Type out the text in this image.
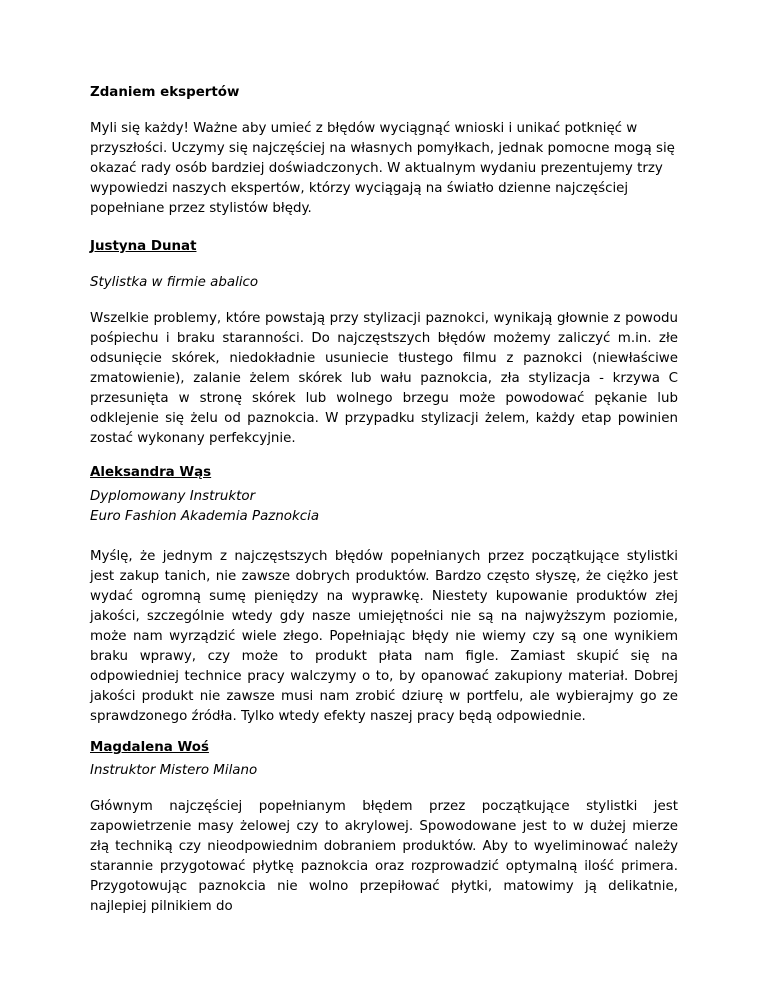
Zdaniem ekspertów

Myli się każdy! Ważne aby umieć z błędów wyciągnąć wnioski i unikać potknięć w przyszłości. Uczymy się najczęściej na własnych pomyłkach, jednak pomocne mogą się okazać rady osób bardziej doświadczonych. W aktualnym wydaniu prezentujemy trzy wypowiedzi naszych ekspertów, którzy wyciągają na światło dzienne najczęściej popełniane przez stylistów błędy.

Justyna Dunat

Stylistka w firmie abalico

Wszelkie problemy, które powstają przy stylizacji paznokci, wynikają głownie z powodu pośpiechu i braku staranności. Do najczęstszych błędów możemy zaliczyć m.in. złe odsunięcie skórek, niedokładnie usuniecie tłustego filmu z paznokci (niewłaściwe zmatowienie), zalanie żelem skórek lub wału paznokcia, zła stylizacja - krzywa C przesunięta w stronę skórek lub wolnego brzegu może powodować pękanie lub odklejenie się żelu od paznokcia. W przypadku stylizacji żelem, każdy etap powinien zostać wykonany perfekcyjnie.

Aleksandra Wąs

Dyplomowany Instruktor
Euro Fashion Akademia Paznokcia

Myślę, że jednym z najczęstszych błędów popełnianych przez początkujące stylistki jest zakup tanich, nie zawsze dobrych produktów. Bardzo często słyszę, że ciężko jest wydać ogromną sumę pieniędzy na wyprawkę. Niestety kupowanie produktów złej jakości, szczególnie wtedy gdy nasze umiejętności nie są na najwyższym poziomie, może nam wyrządzić wiele złego. Popełniając błędy nie wiemy czy są one wynikiem braku wprawy, czy może to produkt płata nam figle. Zamiast skupić się na odpowiedniej technice pracy walczymy o to, by opanować zakupiony materiał. Dobrej jakości produkt nie zawsze musi nam zrobić dziurę w portfelu, ale wybierajmy go ze sprawdzonego źródła. Tylko wtedy efekty naszej pracy będą odpowiednie.

Magdalena Woś

Instruktor Mistero Milano

Głównym najczęściej popełnianym błędem przez początkujące stylistki jest zapowietrzenie masy żelowej czy to akrylowej. Spowodowane jest to w dużej mierze złą techniką czy nieodpowiednim dobraniem produktów. Aby to wyeliminować należy starannie przygotować płytkę paznokcia oraz rozprowadzić optymalną ilość primera. Przygotowując paznokcia nie wolno przepiłować płytki, matowimy ją delikatnie, najlepiej pilnikiem do
